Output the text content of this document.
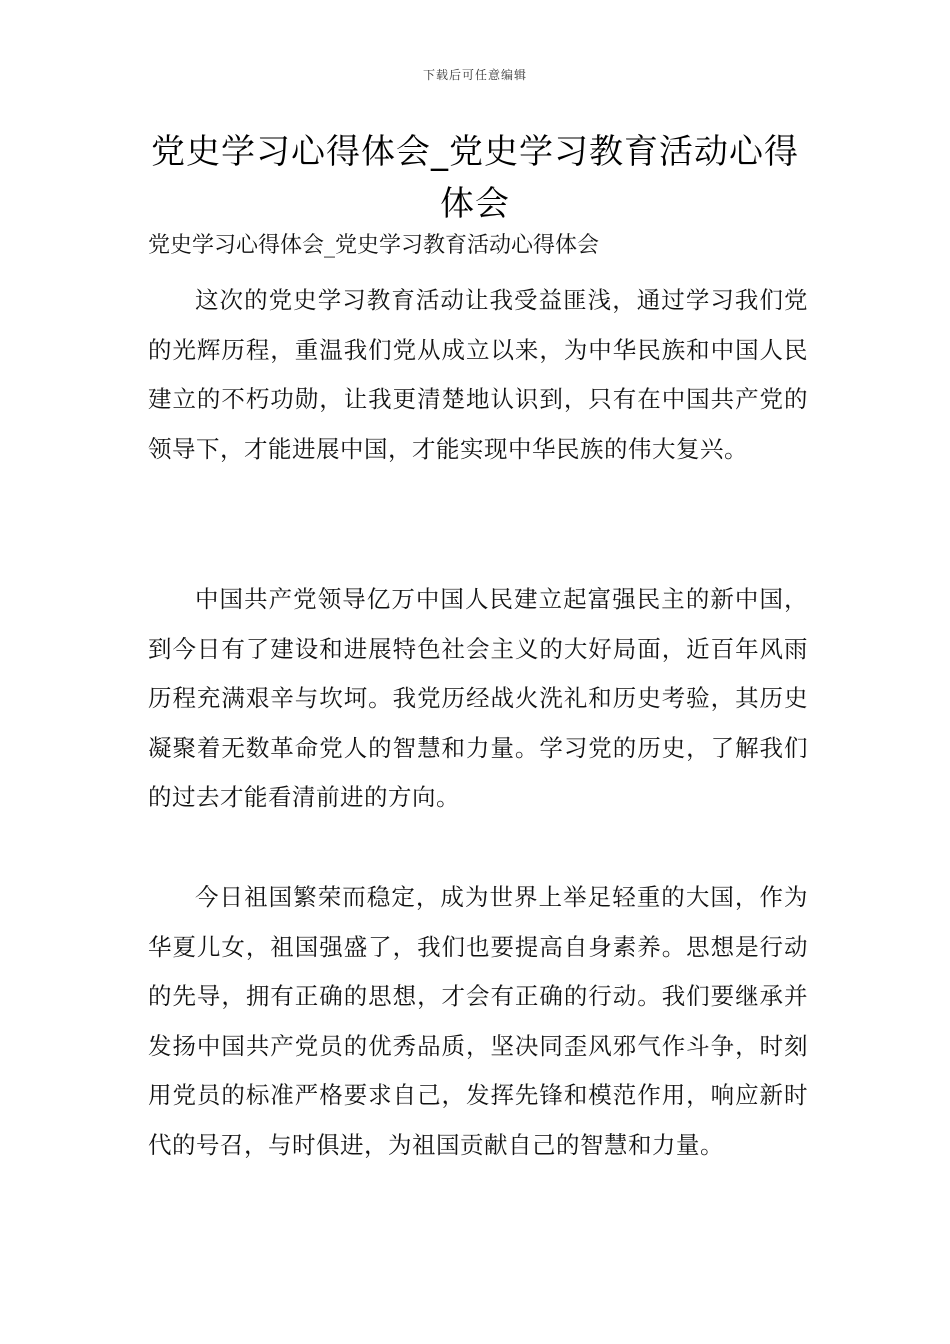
下载后可任意编辑
党史学习心得体会_党史学习教育活动心得体会
党史学习心得体会_党史学习教育活动心得体会

这次的党史学习教育活动让我受益匪浅，通过学习我们党的光辉历程，重温我们党从成立以来，为中华民族和中国人民建立的不朽功勋，让我更清楚地认识到，只有在中国共产党的领导下，才能进展中国，才能实现中华民族的伟大复兴。

中国共产党领导亿万中国人民建立起富强民主的新中国，到今日有了建设和进展特色社会主义的大好局面，近百年风雨历程充满艰辛与坎坷。我党历经战火洗礼和历史考验，其历史凝聚着无数革命党人的智慧和力量。学习党的历史，了解我们的过去才能看清前进的方向。

今日祖国繁荣而稳定，成为世界上举足轻重的大国，作为华夏儿女，祖国强盛了，我们也要提高自身素养。思想是行动的先导，拥有正确的思想，才会有正确的行动。我们要继承并发扬中国共产党员的优秀品质，坚决同歪风邪气作斗争，时刻用党员的标准严格要求自己，发挥先锋和模范作用，响应新时代的号召，与时俱进，为祖国贡献自己的智慧和力量。
